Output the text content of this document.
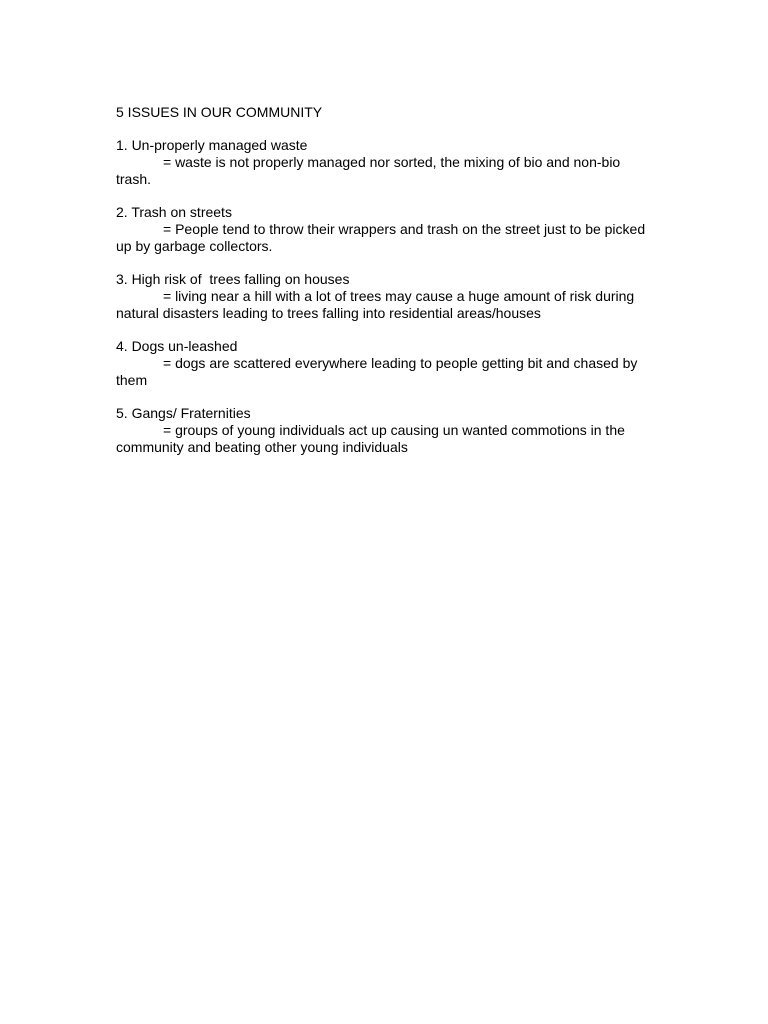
5 ISSUES IN OUR COMMUNITY
1. Un-properly managed waste
= waste is not properly managed nor sorted, the mixing of bio and non-bio trash.
2. Trash on streets
= People tend to throw their wrappers and trash on the street just to be picked up by garbage collectors.
3. High risk of  trees falling on houses
= living near a hill with a lot of trees may cause a huge amount of risk during natural disasters leading to trees falling into residential areas/houses
4. Dogs un-leashed
= dogs are scattered everywhere leading to people getting bit and chased by them
5. Gangs/ Fraternities
= groups of young individuals act up causing un wanted commotions in the community and beating other young individuals
